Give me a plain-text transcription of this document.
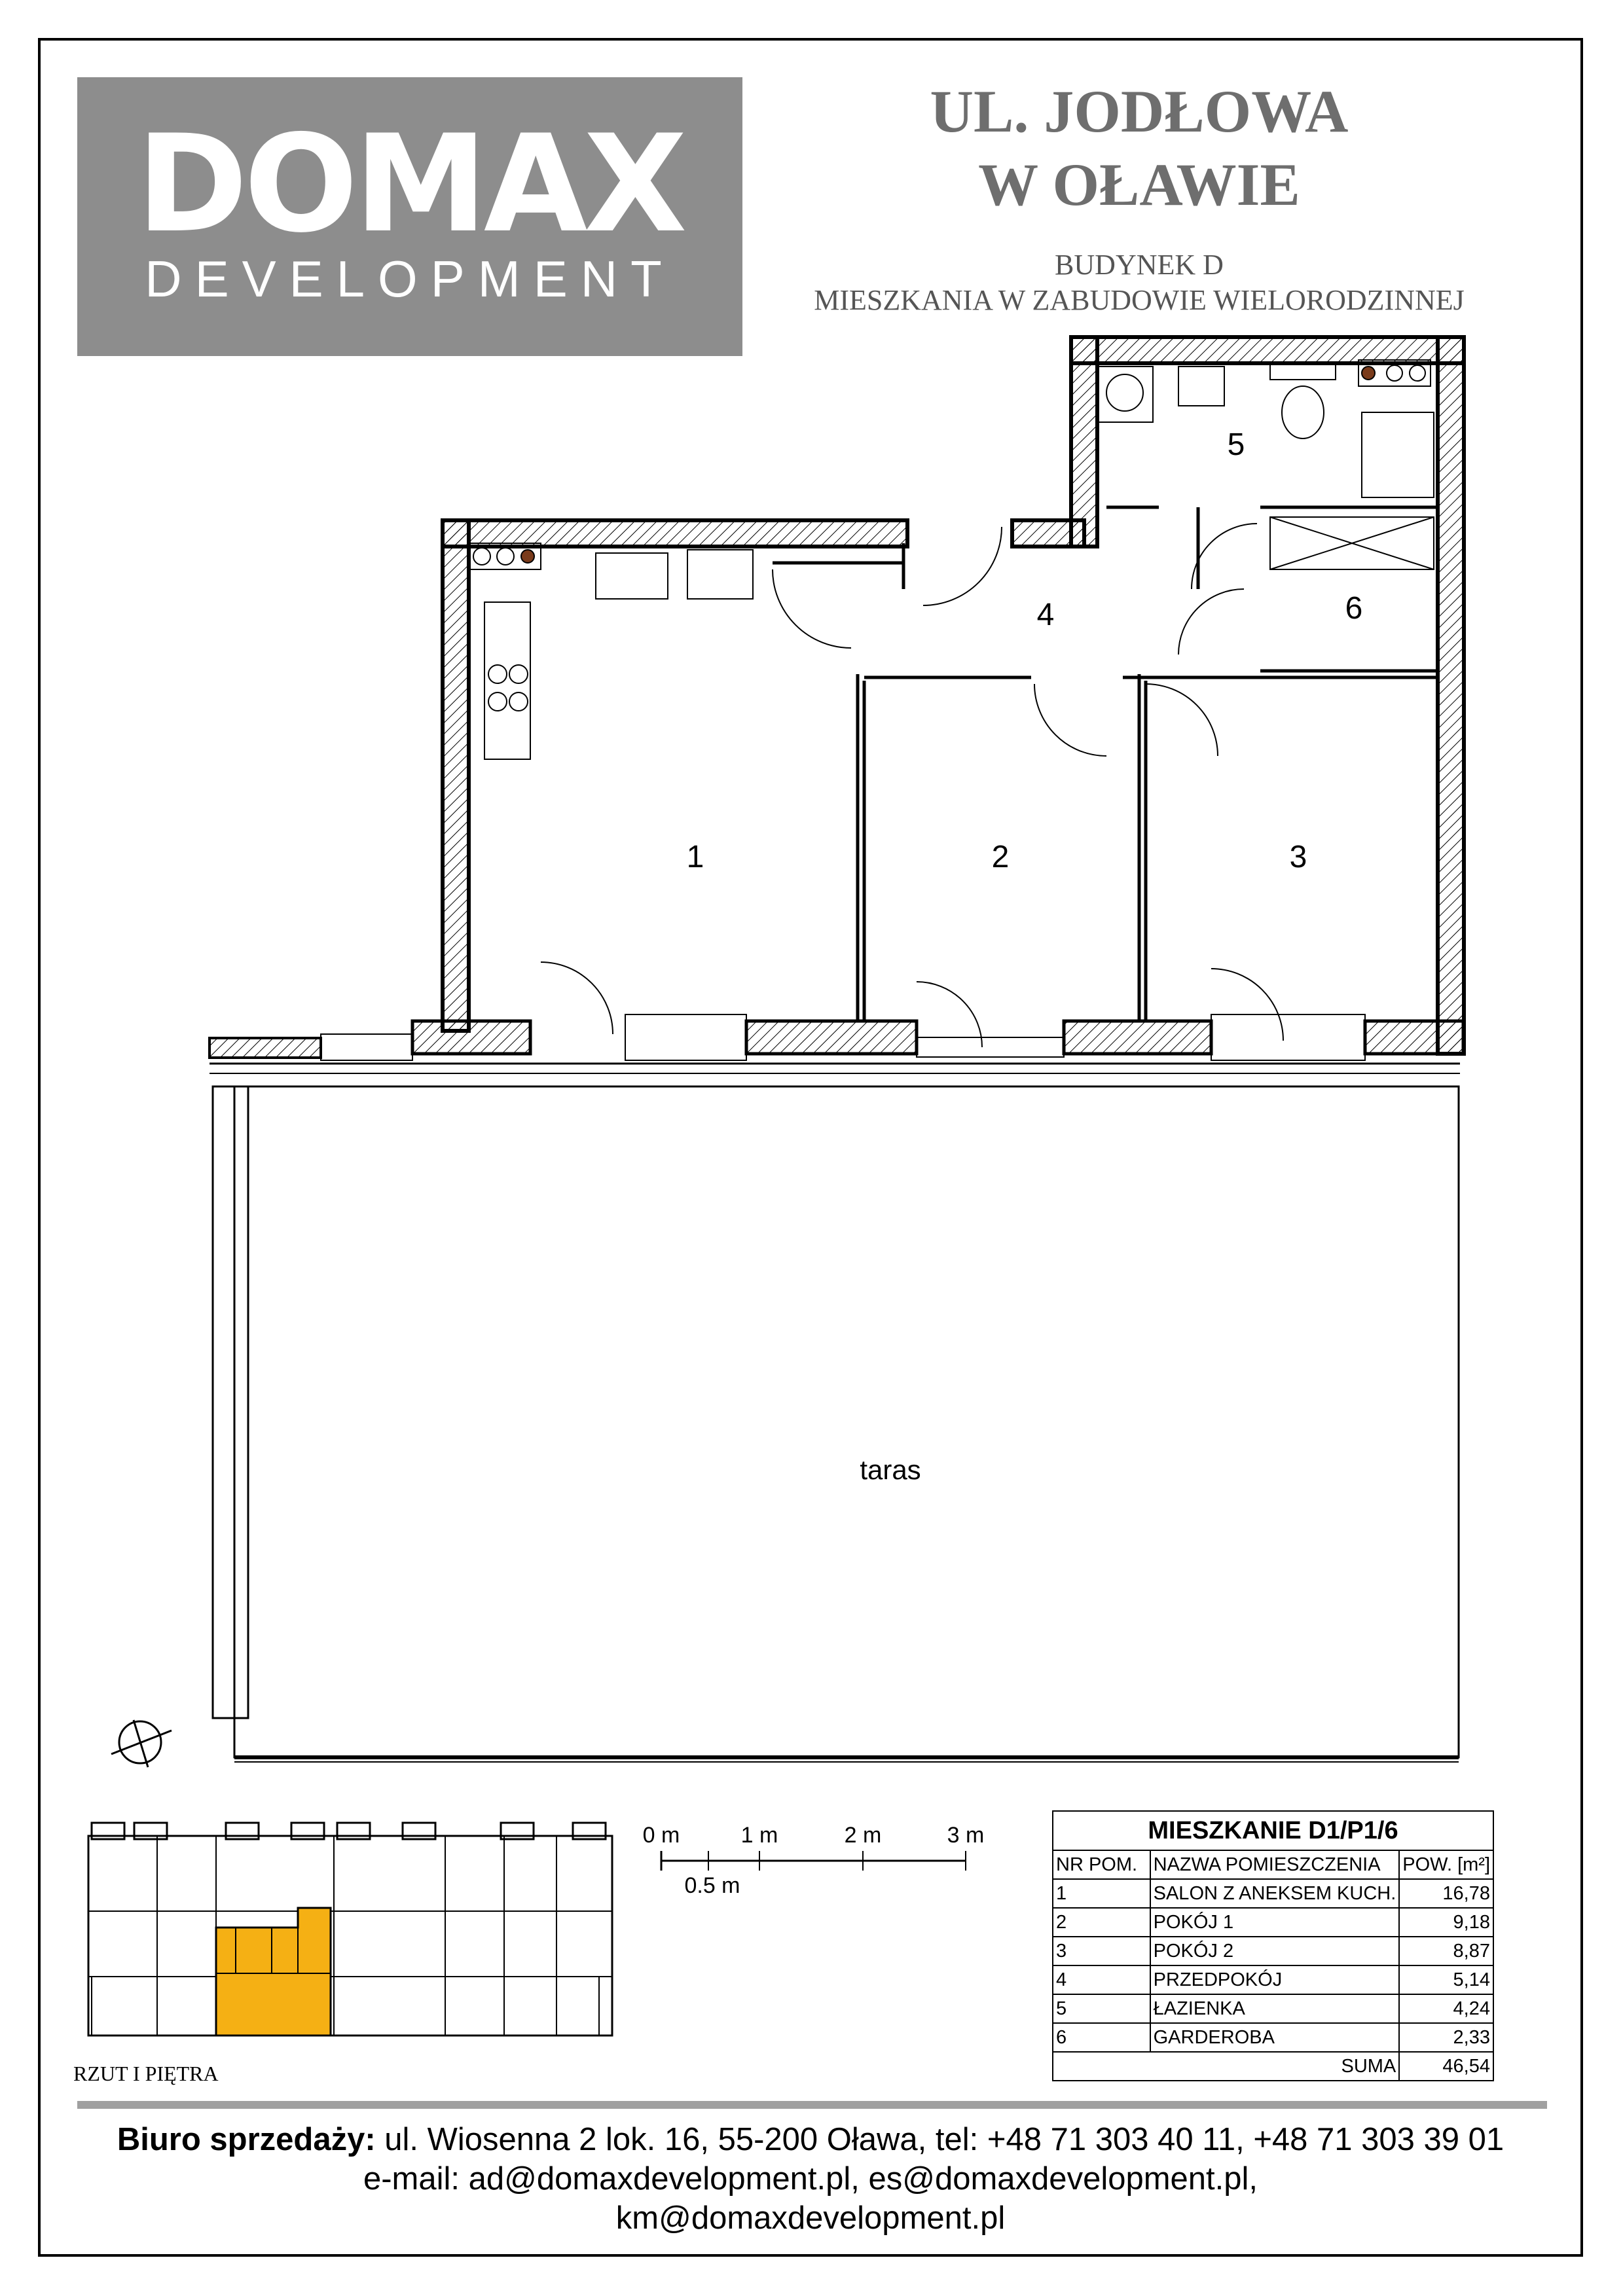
DOMAX
DEVELOPMENT
UL. JODŁOWA
W OŁAWIE
BUDYNEK D
MIESZKANIA W ZABUDOWIE WIELORODZINNEJ
1	2	3
4
5
6
taras
0 m	1 m	2 m	3 m
0.5 m
RZUT I PIĘTRA
MIESZKANIE D1/P1/6		
NR POM.	NAZWA POMIESZCZENIA	POW. [m²]
1	SALON Z ANEKSEM KUCH.	16,78
2	POKÓJ 1	9,18
3	POKÓJ 2	8,87
4	PRZEDPOKÓJ	5,14
5	ŁAZIENKA	4,24
6	GARDEROBA	2,33
SUMA		46,54
Biuro sprzedaży: ul. Wiosenna 2 lok. 16, 55-200 Oława, tel: +48 71 303 40 11, +48 71 303 39 01
e-mail: ad@domaxdevelopment.pl, es@domaxdevelopment.pl,
km@domaxdevelopment.pl
